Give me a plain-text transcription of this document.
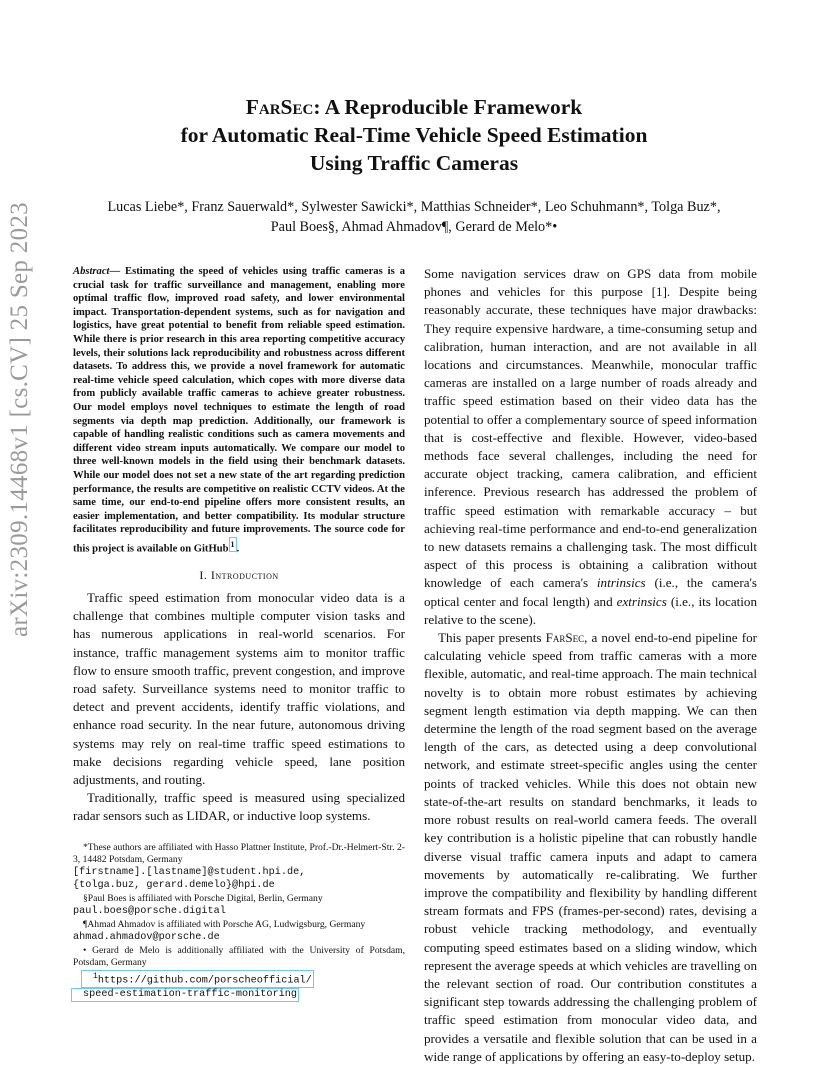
arXiv:2309.14468v1 [cs.CV] 25 Sep 2023
FarSec: A Reproducible Framework
for Automatic Real-Time Vehicle Speed Estimation
Using Traffic Cameras
Lucas Liebe*, Franz Sauerwald*, Sylwester Sawicki*, Matthias Schneider*, Leo Schuhmann*, Tolga Buz*,
Paul Boes§, Ahmad Ahmadov¶, Gerard de Melo*•
Abstract— Estimating the speed of vehicles using traffic cameras is a crucial task for traffic surveillance and management, enabling more optimal traffic flow, improved road safety, and lower environmental impact. Transportation-dependent systems, such as for navigation and logistics, have great potential to benefit from reliable speed estimation. While there is prior research in this area reporting competitive accuracy levels, their solutions lack reproducibility and robustness across different datasets. To address this, we provide a novel framework for automatic real-time vehicle speed calculation, which copes with more diverse data from publicly available traffic cameras to achieve greater robustness. Our model employs novel techniques to estimate the length of road segments via depth map prediction. Additionally, our framework is capable of handling realistic conditions such as camera movements and different video stream inputs automatically. We compare our model to three well-known models in the field using their benchmark datasets. While our model does not set a new state of the art regarding prediction performance, the results are competitive on realistic CCTV videos. At the same time, our end-to-end pipeline offers more consistent results, an easier implementation, and better compatibility. Its modular structure facilitates reproducibility and future improvements. The source code for this project is available on GitHub 1 .
I. Introduction

Traffic speed estimation from monocular video data is a challenge that combines multiple computer vision tasks and has numerous applications in real-world scenarios. For instance, traffic management systems aim to monitor traffic flow to ensure smooth traffic, prevent congestion, and improve road safety. Surveillance systems need to monitor traffic to detect and prevent accidents, identify traffic violations, and enhance road security. In the near future, autonomous driving systems may rely on real-time traffic speed estimations to make decisions regarding vehicle speed, lane position adjustments, and routing.

Traditionally, traffic speed is measured using specialized radar sensors such as LIDAR, or inductive loop systems.

*These authors are affiliated with Hasso Plattner Institute, Prof.-Dr.-Helmert-Str. 2-3, 14482 Potsdam, Germany
[firstname].[lastname]@student.hpi.de,
{tolga.buz, gerard.demelo}@hpi.de

§Paul Boes is affiliated with Porsche Digital, Berlin, Germany
paul.boes@porsche.digital

¶Ahmad Ahmadov is affiliated with Porsche AG, Ludwigsburg, Germany
ahmad.ahmadov@porsche.de

• Gerard de Melo is additionally affiliated with the University of Potsdam, Potsdam, Germany

$^1$https://github.com/porscheofficial/
speed-estimation-traffic-monitoring

Some navigation services draw on GPS data from mobile phones and vehicles for this purpose [1]. Despite being reasonably accurate, these techniques have major drawbacks: They require expensive hardware, a time-consuming setup and calibration, human interaction, and are not available in all locations and circumstances. Meanwhile, monocular traffic cameras are installed on a large number of roads already and traffic speed estimation based on their video data has the potential to offer a complementary source of speed information that is cost-effective and flexible. However, video-based methods face several challenges, including the need for accurate object tracking, camera calibration, and efficient inference. Previous research has addressed the problem of traffic speed estimation with remarkable accuracy – but achieving real-time performance and end-to-end generalization to new datasets remains a challenging task. The most difficult aspect of this process is obtaining a calibration without knowledge of each camera's intrinsics (i.e., the camera's optical center and focal length) and extrinsics (i.e., its location relative to the scene).

This paper presents FarSec, a novel end-to-end pipeline for calculating vehicle speed from traffic cameras with a more flexible, automatic, and real-time approach. The main technical novelty is to obtain more robust estimates by achieving segment length estimation via depth mapping. We can then determine the length of the road segment based on the average length of the cars, as detected using a deep convolutional network, and estimate street-specific angles using the center points of tracked vehicles. While this does not obtain new state-of-the-art results on standard benchmarks, it leads to more robust results on real-world camera feeds. The overall key contribution is a holistic pipeline that can robustly handle diverse visual traffic camera inputs and adapt to camera movements by automatically re-calibrating. We further improve the compatibility and flexibility by handling different stream formats and FPS (frames-per-second) rates, devising a robust vehicle tracking methodology, and eventually computing speed estimates based on a sliding window, which represent the average speeds at which vehicles are travelling on the relevant section of road. Our contribution constitutes a significant step towards addressing the challenging problem of traffic speed estimation from monocular video data, and provides a versatile and flexible solution that can be used in a wide range of applications by offering an easy-to-deploy setup.
